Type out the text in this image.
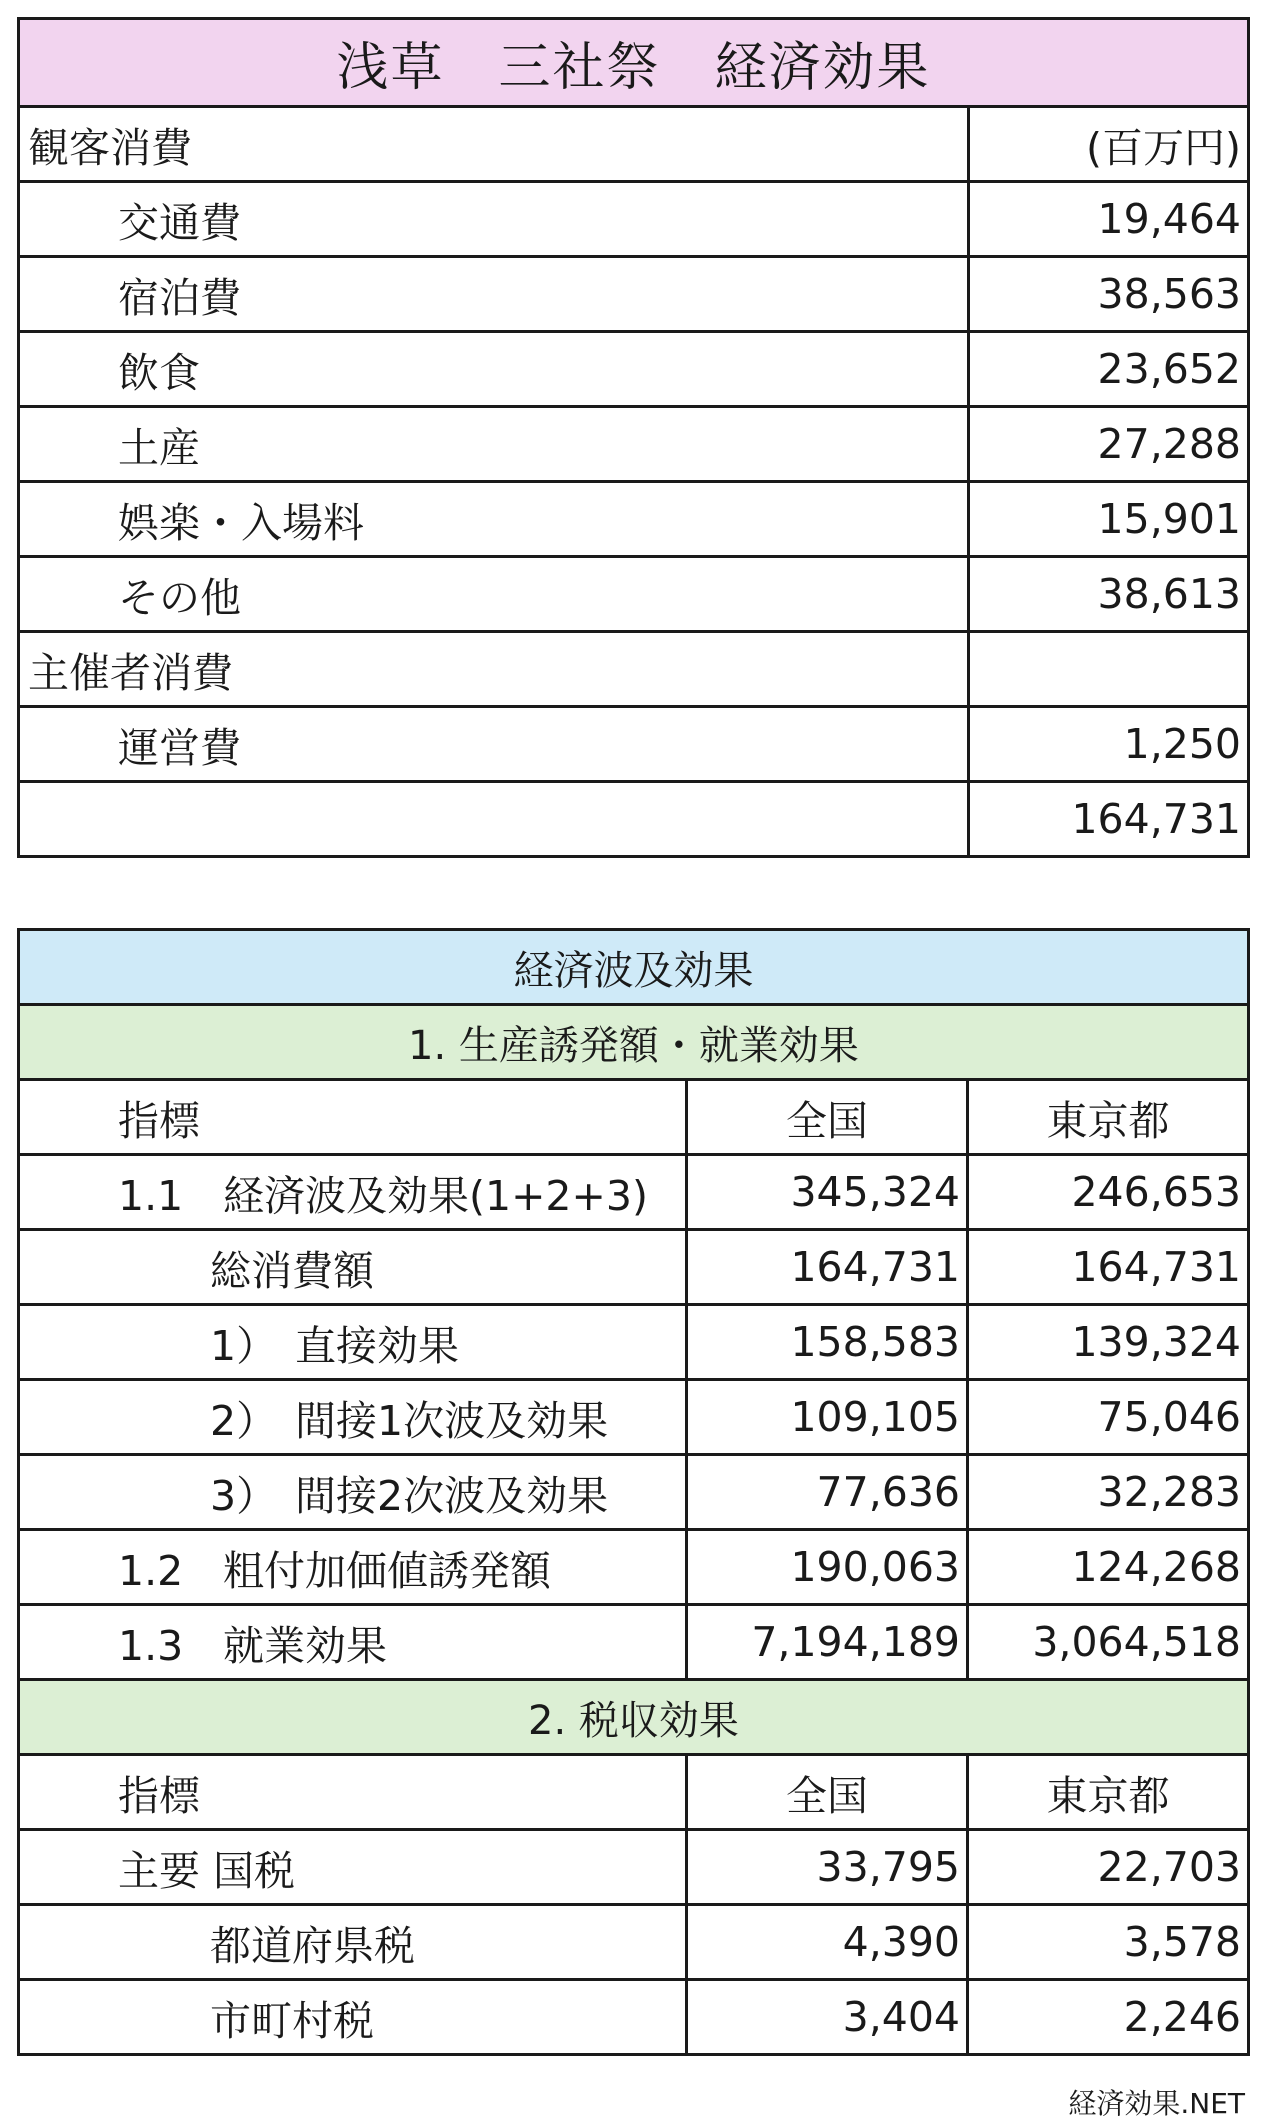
浅草　三社祭　経済効果	
観客消費	(百万円)
交通費	19,464
宿泊費	38,563
飲食	23,652
土産	27,288
娯楽・入場料	15,901
その他	38,613
主催者消費	
運営費	1,250
	164,731
経済波及効果		
1. 生産誘発額・就業効果		
指標	全国	東京都
1.1 経済波及効果(1+2+3)	345,324	246,653
総消費額	164,731	164,731
1） 直接効果	158,583	139,324
2） 間接1次波及効果	109,105	75,046
3） 間接2次波及効果	77,636	32,283
1.2 粗付加価値誘発額	190,063	124,268
1.3 就業効果	7,194,189	3,064,518
2. 税収効果		
指標	全国	東京都
主要 国税	33,795	22,703
都道府県税	4,390	3,578
市町村税	3,404	2,246
経済効果.NET
